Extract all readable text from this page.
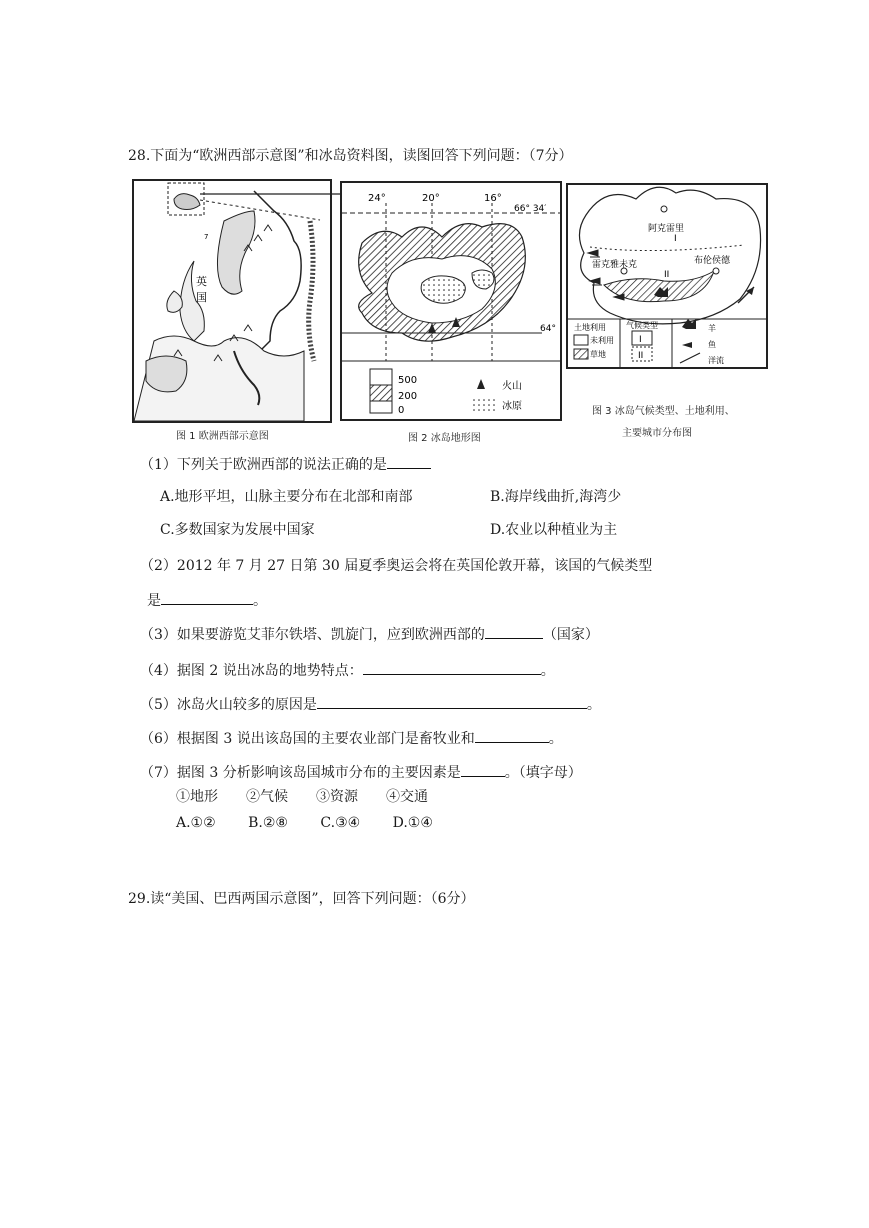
28.下面为“欧洲西部示意图”和冰岛资料图，读图回答下列问题：（7分）
英
国
7
图 1 欧洲西部示意图
24°	20°	16°
66° 34′
64°
500
200
0
火山
冰原
图 2 冰岛地形图
阿克雷里
雷克雅未克	布伦侯德
I
II
土地利用	气候类型
未利用
草地
I
II
羊
鱼
洋流
图 3 冰岛气候类型、土地利用、
主要城市分布图
（1）下列关于欧洲西部的说法正确的是
A.地形平坦，山脉主要分布在北部和南部	B.海岸线曲折,海湾少
C.多数国家为发展中国家	D.农业以种植业为主
（2）2012 年 7 月 27 日第 30 届夏季奥运会将在英国伦敦开幕，该国的气候类型
是	。
（3）如果要游览艾菲尔铁塔、凯旋门，应到欧洲西部的	（国家）
（4）据图 2 说出冰岛的地势特点：	。
（5）冰岛火山较多的原因是	。
（6）根据图 3 说出该岛国的主要农业部门是畜牧业和	。
（7）据图 3 分析影响该岛国城市分布的主要因素是	。（填字母）
①地形　　②气候　　③资源　　④交通
A.①②　　 B.②⑧　　 C.③④　　 D.①④
29.读“美国、巴西两国示意图”，回答下列问题：（6分）
